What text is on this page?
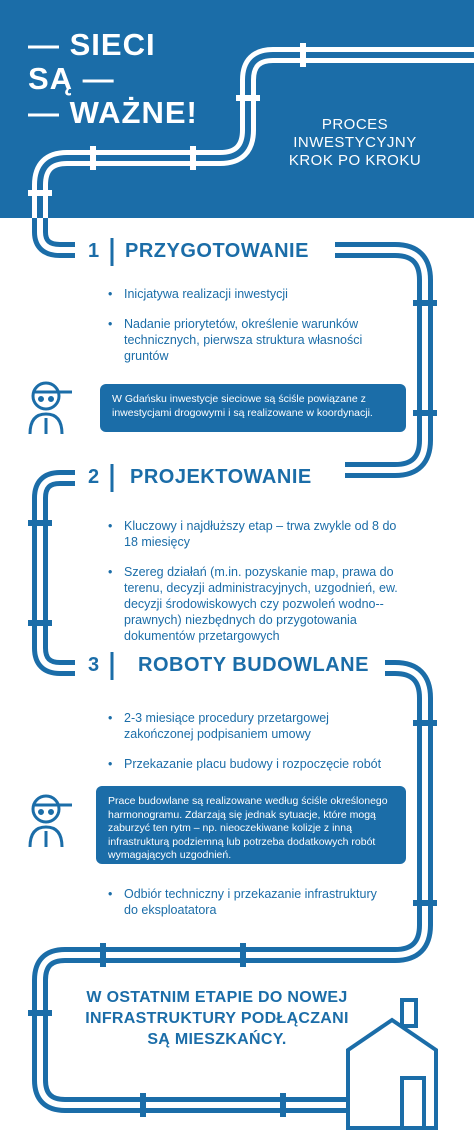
— SIECI
SĄ —
— WAŻNE!	PROCES
INWESTYCYJNY
KROK PO KROKU
1 PRZYGOTOWANIE
• Inicjatywa realizacji inwestycji
• Nadanie priorytetów, określenie warunków technicznych, pierwsza struktura własności gruntów
W Gdańsku inwestycje sieciowe są ściśle powiązane z inwestycjami drogowymi i są realizowane w koordynacji.
2 PROJEKTOWANIE
• Kluczowy i najdłuższy etap – trwa zwykle od 8 do 18 miesięcy
• Szereg działań (m.in. pozyskanie map, prawa do terenu, decyzji administracyjnych, uzgodnień, ew. decyzji środowiskowych czy pozwoleń wodno--prawnych) niezbędnych do przygotowania dokumentów przetargowych
3 ROBOTY BUDOWLANE
• 2-3 miesiące procedury przetargowej zakończonej podpisaniem umowy
• Przekazanie placu budowy i rozpoczęcie robót
Prace budowlane są realizowane według ściśle określonego harmonogramu. Zdarzają się jednak sytuacje, które mogą zaburzyć ten rytm – np. nieoczekiwane kolizje z inną infrastrukturą podziemną lub potrzeba dodatkowych robót wymagających uzgodnień.
• Odbiór techniczny i przekazanie infrastruktury do eksploatatora
W OSTATNIM ETAPIE DO NOWEJ INFRASTRUKTURY PODŁĄCZANI SĄ MIESZKAŃCY.
